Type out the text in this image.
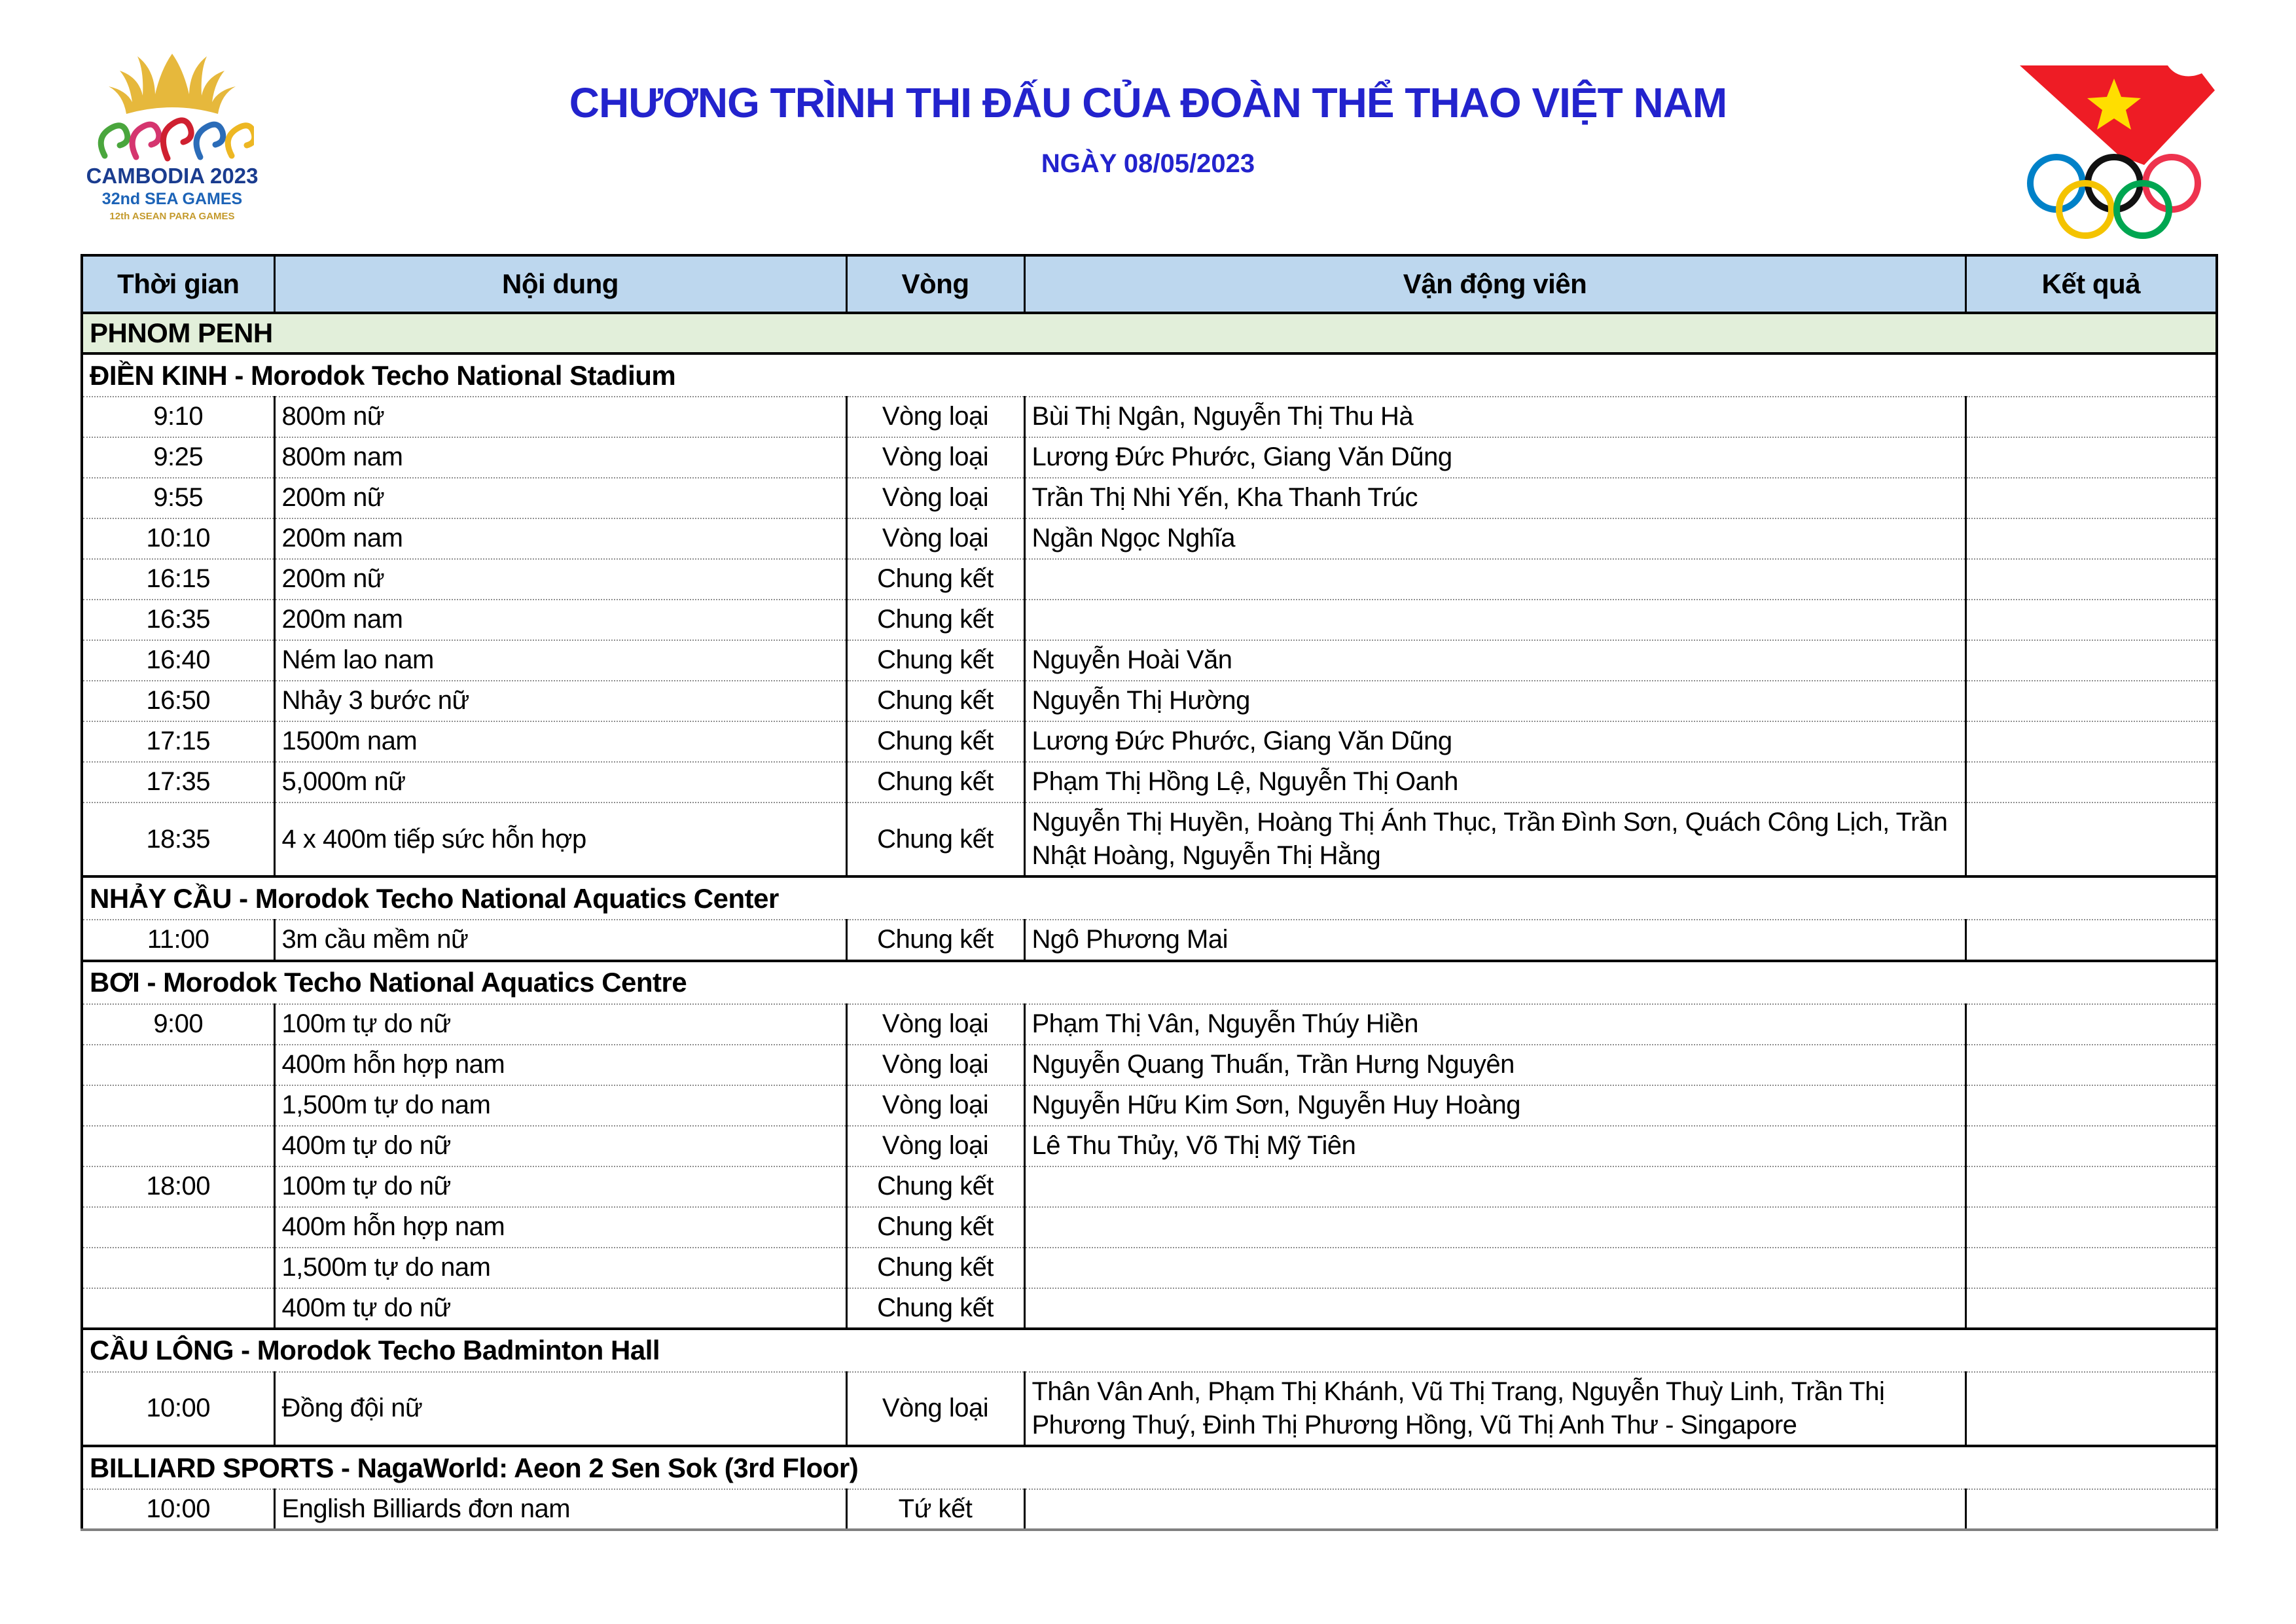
CAMBODIA 2023
32nd SEA GAMES
12th ASEAN PARA GAMES
CHƯƠNG TRÌNH THI ĐẤU CỦA ĐOÀN THỂ THAO VIỆT NAM
NGÀY 08/05/2023
Thời gian	Nội dung	Vòng	Vận động viên	Kết quả
PHNOM PENH				
ĐIỀN KINH - Morodok Techo National Stadium				
9:10	800m nữ	Vòng loại	Bùi Thị Ngân, Nguyễn Thị Thu Hà	
9:25	800m nam	Vòng loại	Lương Đức Phước, Giang Văn Dũng	
9:55	200m nữ	Vòng loại	Trần Thị Nhi Yến, Kha Thanh Trúc	
10:10	200m nam	Vòng loại	Ngần Ngọc Nghĩa	
16:15	200m nữ	Chung kết		
16:35	200m nam	Chung kết		
16:40	Ném lao nam	Chung kết	Nguyễn Hoài Văn	
16:50	Nhảy 3 bước nữ	Chung kết	Nguyễn Thị Hường	
17:15	1500m nam	Chung kết	Lương Đức Phước, Giang Văn Dũng	
17:35	5,000m nữ	Chung kết	Phạm Thị Hồng Lệ, Nguyễn Thị Oanh	
18:35	4 x 400m tiếp sức hỗn hợp	Chung kết	Nguyễn Thị Huyền, Hoàng Thị Ánh Thục, Trần Đình Sơn, Quách Công Lịch, Trần Nhật Hoàng, Nguyễn Thị Hằng	
NHẢY CẦU - Morodok Techo National Aquatics Center				
11:00	3m cầu mềm nữ	Chung kết	Ngô Phương Mai	
BƠI - Morodok Techo National Aquatics Centre				
9:00	100m tự do nữ	Vòng loại	Phạm Thị Vân, Nguyễn Thúy Hiền	
	400m hỗn hợp nam	Vòng loại	Nguyễn Quang Thuấn, Trần Hưng Nguyên	
	1,500m tự do nam	Vòng loại	Nguyễn Hữu Kim Sơn, Nguyễn Huy Hoàng	
	400m tự do nữ	Vòng loại	Lê Thu Thủy, Võ Thị Mỹ Tiên	
18:00	100m tự do nữ	Chung kết		
	400m hỗn hợp nam	Chung kết		
	1,500m tự do nam	Chung kết		
	400m tự do nữ	Chung kết		
CẦU LÔNG - Morodok Techo Badminton Hall				
10:00	Đồng đội nữ	Vòng loại	Thân Vân Anh, Phạm Thị Khánh, Vũ Thị Trang, Nguyễn Thuỳ Linh, Trần Thị Phương Thuý, Đinh Thị Phương Hồng, Vũ Thị Anh Thư - Singapore	
BILLIARD SPORTS - NagaWorld: Aeon 2 Sen Sok (3rd Floor)				
10:00	English Billiards đơn nam	Tứ kết		
